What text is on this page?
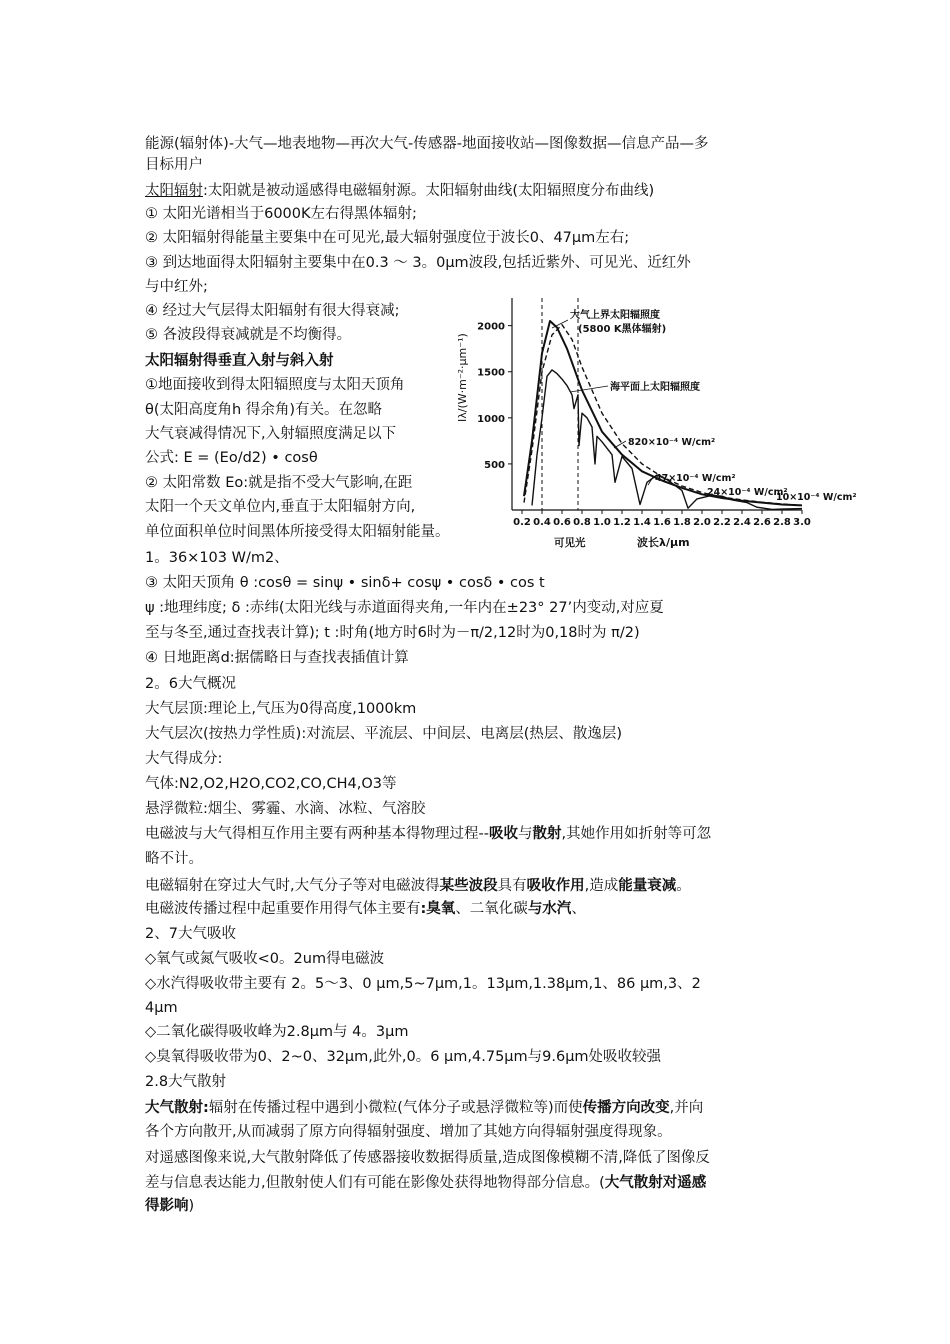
能源(辐射体)-大气—地表地物—再次大气-传感器-地面接收站—图像数据—信息产品—多
目标用户
太阳辐射:太阳就是被动遥感得电磁辐射源。太阳辐射曲线(太阳辐照度分布曲线)
① 太阳光谱相当于6000K左右得黑体辐射;
② 太阳辐射得能量主要集中在可见光,最大辐射强度位于波长0、47μm左右;
③ 到达地面得太阳辐射主要集中在0.3 ～ 3。0μm波段,包括近紫外、可见光、近红外
与中红外;
④ 经过大气层得太阳辐射有很大得衰减;
⑤ 各波段得衰减就是不均衡得。
太阳辐射得垂直入射与斜入射
①地面接收到得太阳辐照度与太阳天顶角
θ(太阳高度角h 得余角)有关。在忽略
大气衰减得情况下,入射辐照度满足以下
公式: E = (Eo/d2) • cosθ
② 太阳常数 Eo:就是指不受大气影响,在距
太阳一个天文单位内,垂直于太阳辐射方向,
单位面积单位时间黑体所接受得太阳辐射能量。
1。36×103 W/m2、
③ 太阳天顶角 θ :cosθ = sinψ • sinδ+ cosψ • cosδ • cos t
ψ :地理纬度; δ :赤纬(太阳光线与赤道面得夹角,一年内在±23° 27’内变动,对应夏
至与冬至,通过查找表计算); t :时角(地方时6时为－π/2,12时为0,18时为 π/2)
④ 日地距离d:据儒略日与查找表插值计算
2。6大气概况
大气层顶:理论上,气压为0得高度,1000km
大气层次(按热力学性质):对流层、平流层、中间层、电离层(热层、散逸层)
大气得成分:
气体:N2,O2,H2O,CO2,CO,CH4,O3等
悬浮微粒:烟尘、雾霾、水滴、冰粒、气溶胶
电磁波与大气得相互作用主要有两种基本得物理过程--吸收与散射,其她作用如折射等可忽
略不计。
电磁辐射在穿过大气时,大气分子等对电磁波得某些波段具有吸收作用,造成能量衰减。
电磁波传播过程中起重要作用得气体主要有:臭氧、二氧化碳与水汽、
2、7大气吸收
◇氧气或氮气吸收<0。2um得电磁波
◇水汽得吸收带主要有 2。5～3、0 μm,5~7μm,1。13μm,1.38μm,1、86 μm,3、2
4μm
◇二氧化碳得吸收峰为2.8μm与 4。3μm
◇臭氧得吸收带为0、2~0、32μm,此外,0。6 μm,4.75μm与9.6μm处吸收较强
2.8大气散射
大气散射:辐射在传播过程中遇到小微粒(气体分子或悬浮微粒等)而使传播方向改变,并向
各个方向散开,从而减弱了原方向得辐射强度、增加了其她方向得辐射强度得现象。
对遥感图像来说,大气散射降低了传感器接收数据得质量,造成图像模糊不清,降低了图像反
差与信息表达能力,但散射使人们有可能在影像处获得地物得部分信息。(大气散射对遥感
得影响)
0.2 0.4 0.6 0.8 1.0 1.2 1.4 1.6 1.8 2.0 2.2 2.4 2.6 2.8 3.0
500
1000
1500
2000
Iλ/(W·m⁻²·μm⁻¹)
波长λ/μm
可见光
大气上界太阳辐照度
(5800 K黑体辐射)
海平面上太阳辐照度
820×10⁻⁴ W/cm²
47×10⁻⁴ W/cm²
24×10⁻⁴ W/cm²
10×10⁻⁴ W/cm²
